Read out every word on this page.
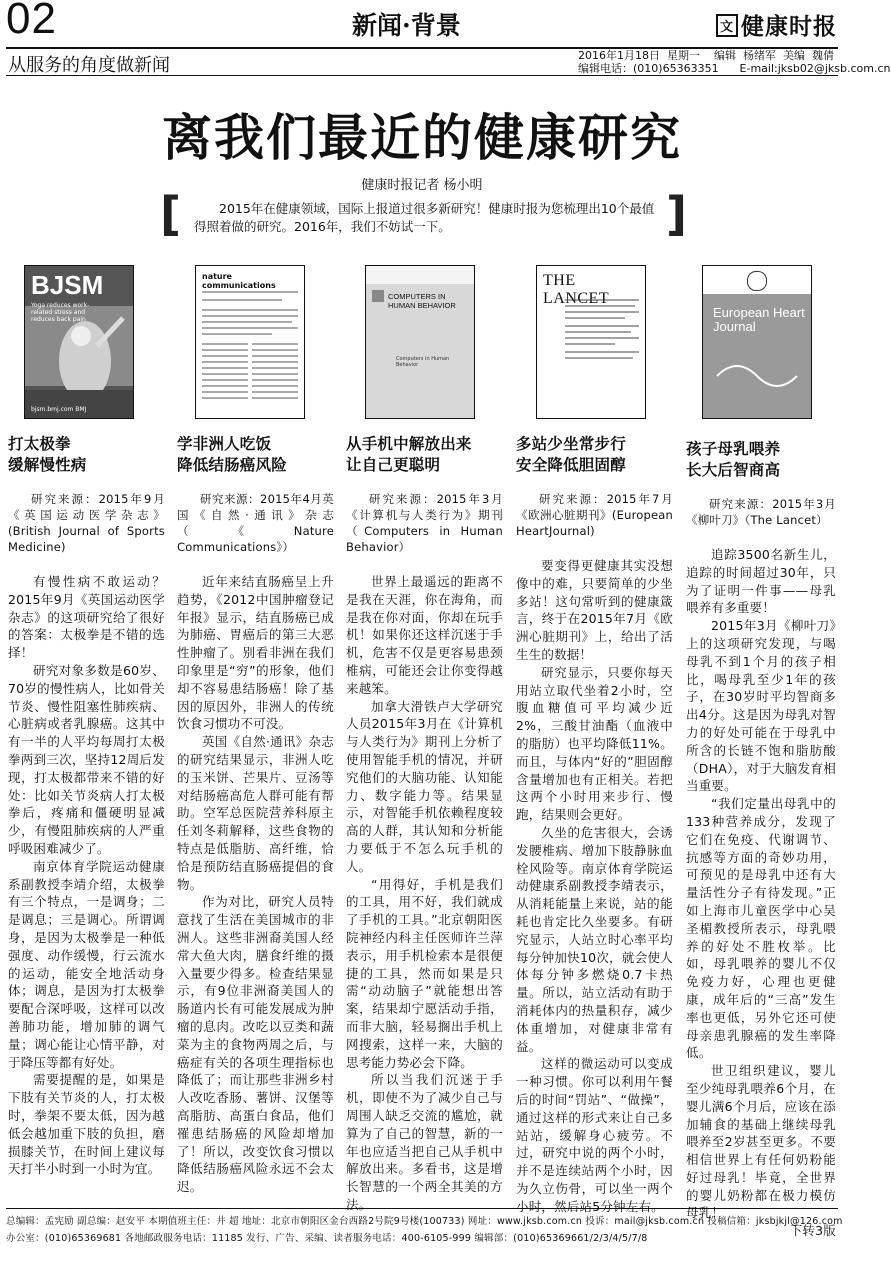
02	新闻·背景	文 健康时报
从服务的角度做新闻	2016年1月18日  星期一    编辑  杨绪军  美编  魏倩
编辑电话：(010)65363351      E-mail:jksb02@jksb.com.cn
离我们最近的健康研究
健康时报记者 杨小明
[	]
2015年在健康领域，国际上报道过很多新研究！健康时报为您梳理出10个最值得照着做的研究。2016年，我们不妨试一下。
BJSM
Yoga reduces work-related stress and reduces back pain
bjsm.bmj.com BMJ
nature communications
COMPUTERS IN HUMAN BEHAVIOR
Computers in Human Behavior
THE LANCET
European Heart Journal
打太极拳
缓解慢性病

研究来源：2015年9月《英国运动医学杂志》(British Journal of Sports Medicine)

有慢性病不敢运动？2015年9月《英国运动医学杂志》的这项研究给了很好的答案：太极拳是不错的选择！

研究对象多数是60岁、70岁的慢性病人，比如骨关节炎、慢性阻塞性肺疾病、心脏病或者乳腺癌。这其中有一半的人平均每周打太极拳两到三次，坚持12周后发现，打太极都带来不错的好处：比如关节炎病人打太极拳后，疼痛和僵硬明显减少，有慢阻肺疾病的人严重呼吸困难减少了。

南京体育学院运动健康系副教授李靖介绍，太极拳有三个特点，一是调身；二是调息；三是调心。所谓调身，是因为太极拳是一种低强度、动作缓慢，行云流水的运动，能安全地活动身体；调息，是因为打太极拳要配合深呼吸，这样可以改善肺功能，增加肺的调气量；调心能让心情平静，对于降压等都有好处。

需要提醒的是，如果是下肢有关节炎的人，打太极时，拳架不要太低，因为越低会越加重下肢的负担，磨损膝关节，在时间上建议每天打半小时到一小时为宜。

学非洲人吃饭
降低结肠癌风险

研究来源：2015年4月英国《自然·通讯》杂志（《Nature Communications》）

近年来结直肠癌呈上升趋势，《2012中国肿瘤登记年报》显示，结直肠癌已成为肺癌、胃癌后的第三大恶性肿瘤了。别看非洲在我们印象里是“穷”的形象，他们却不容易患结肠癌！除了基因的原因外，非洲人的传统饮食习惯功不可没。

英国《自然·通讯》杂志的研究结果显示，非洲人吃的玉米饼、芒果片、豆汤等对结肠癌高危人群可能有帮助。空军总医院营养科原主任刘冬莉解释，这些食物的特点是低脂肪、高纤维，恰恰是预防结直肠癌提倡的食物。

作为对比，研究人员特意找了生活在美国城市的非洲人。这些非洲裔美国人经常大鱼大肉，膳食纤维的摄入量要少得多。检查结果显示，有9位非洲裔美国人的肠道内长有可能发展成为肿瘤的息肉。改吃以豆类和蔬菜为主的食物两周之后，与癌症有关的各项生理指标也降低了；而让那些非洲乡村人改吃香肠、薯饼、汉堡等高脂肪、高蛋白食品，他们罹患结肠癌的风险却增加了！所以，改变饮食习惯以降低结肠癌风险永远不会太迟。

从手机中解放出来
让自己更聪明

研究来源：2015年3月《计算机与人类行为》期刊（Computers in Human Behavior）

世界上最遥远的距离不是我在天涯，你在海角，而是我在你对面，你却在玩手机！如果你还这样沉迷于手机，危害不仅是更容易患颈椎病，可能还会让你变得越来越笨。

加拿大滑铁卢大学研究人员2015年3月在《计算机与人类行为》期刊上分析了使用智能手机的情况，并研究他们的大脑功能、认知能力、数字能力等。结果显示，对智能手机依赖程度较高的人群，其认知和分析能力要低于不怎么玩手机的人。

“用得好，手机是我们的工具，用不好，我们就成了手机的工具。”北京朝阳医院神经内科主任医师许兰萍表示，用手机检索本是很便捷的工具，然而如果是只需“动动脑子”就能想出答案，结果却宁愿活动手指，而非大脑，轻易搁出手机上网搜索，这样一来，大脑的思考能力势必会下降。

所以当我们沉迷于手机，即使不为了减少自己与周围人缺乏交流的尴尬，就算为了自己的智慧，新的一年也应适当把自己从手机中解放出来。多看书，这是增长智慧的一个两全其美的方法。

多站少坐常步行
安全降低胆固醇

研究来源：2015年7月《欧洲心脏期刊》(European HeartJournal)

要变得更健康其实没想像中的难，只要简单的少坐多站！这句常听到的健康箴言，终于在2015年7月《欧洲心脏期刊》上，给出了活生生的数据！

研究显示，只要你每天用站立取代坐着2小时，空腹血糖值可平均减少近2%，三酸甘油酯（血液中的脂肪）也平均降低11%。而且，与体内“好的”胆固醇含量增加也有正相关。若把这两个小时用来步行、慢跑，结果则会更好。

久坐的危害很大，会诱发腰椎病、增加下肢静脉血栓风险等。南京体育学院运动健康系副教授李靖表示，从消耗能量上来说，站的能耗也肯定比久坐要多。有研究显示，人站立时心率平均每分钟加快10次，就会使人体每分钟多燃烧0.7卡热量。所以，站立活动有助于消耗体内的热量积存，减少体重增加，对健康非常有益。

这样的微运动可以变成一种习惯。你可以利用午餐后的时间“罚站”、“做操”，通过这样的形式来让自己多站站，缓解身心疲劳。不过，研究中说的两个小时，并不是连续站两个小时，因为久立伤骨，可以坐一两个小时，然后站5分钟左右。

孩子母乳喂养
长大后智商高

研究来源：2015年3月《柳叶刀》（The Lancet）

追踪3500名新生儿，追踪的时间超过30年，只为了证明一件事——母乳喂养有多重要！

2015年3月《柳叶刀》上的这项研究发现，与喝母乳不到1个月的孩子相比，喝母乳至少1年的孩子，在30岁时平均智商多出4分。这是因为母乳对智力的好处可能在于母乳中所含的长链不饱和脂肪酸（DHA），对于大脑发育相当重要。

“我们定量出母乳中的133种营养成分，发现了它们在免疫、代谢调节、抗感等方面的奇妙功用，可预见的是母乳中还有大量活性分子有待发现。”正如上海市儿童医学中心吴圣楣教授所表示，母乳喂养的好处不胜枚举。比如，母乳喂养的婴儿不仅免疫力好，心理也更健康，成年后的“三高”发生率也更低，另外它还可使母亲患乳腺癌的发生率降低。

世卫组织建议，婴儿至少纯母乳喂养6个月，在婴儿满6个月后，应该在添加辅食的基础上继续母乳喂养至2岁甚至更多。不要相信世界上有任何奶粉能好过母乳！毕竟，全世界的婴儿奶粉都在极力模仿母乳！

下转3版

总编辑：孟宪励 副总编：赵安平 本期值班主任：井 超 地址：北京市朝阳区金台西路2号院9号楼(100733) 网址：www.jksb.com.cn 投诉：mail@jksb.com.cn 投稿信箱：jksbjkjl@126.com
办公室：(010)65369681 各地邮政服务电话：11185 发行、广告、采编、读者服务电话：400-6105-999 编辑部：(010)65369661/2/3/4/5/7/8
